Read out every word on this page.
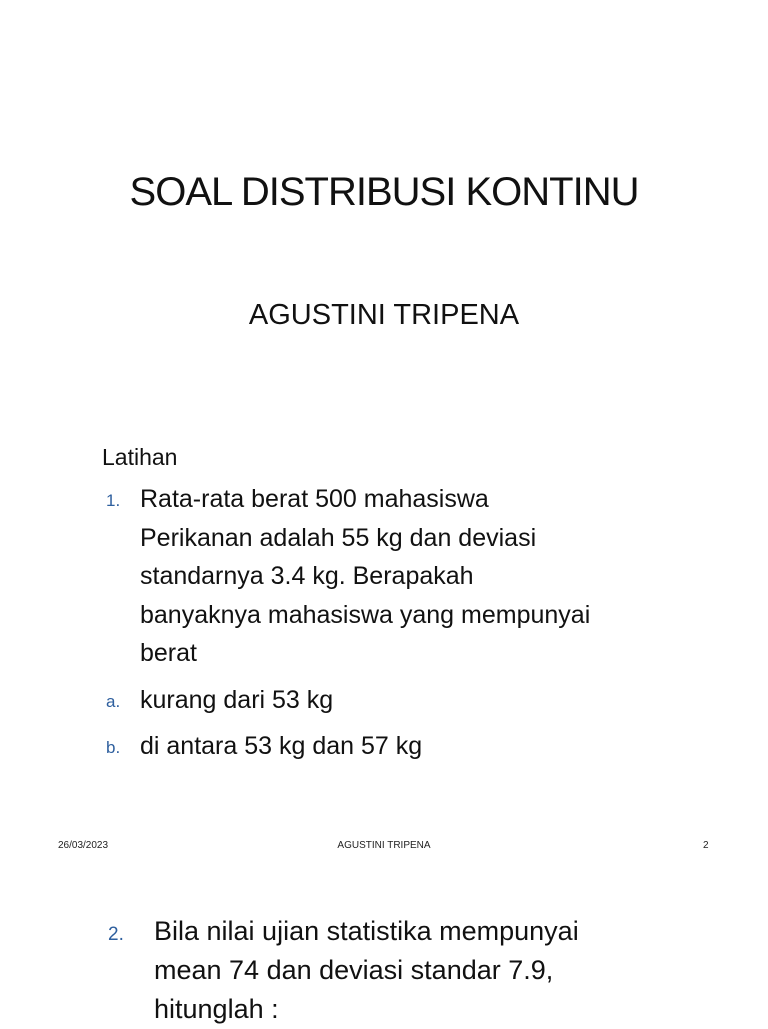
SOAL DISTRIBUSI KONTINU
AGUSTINI TRIPENA
Latihan
1. Rata-rata berat 500 mahasiswa
Perikanan adalah 55 kg dan deviasi
standarnya 3.4 kg. Berapakah
banyaknya mahasiswa yang mempunyai
berat
a. kurang dari 53 kg
b. di antara 53 kg dan 57 kg
26/03/2023	AGUSTINI TRIPENA	2
2. Bila nilai ujian statistika mempunyai
mean 74 dan deviasi standar 7.9,
hitunglah :
